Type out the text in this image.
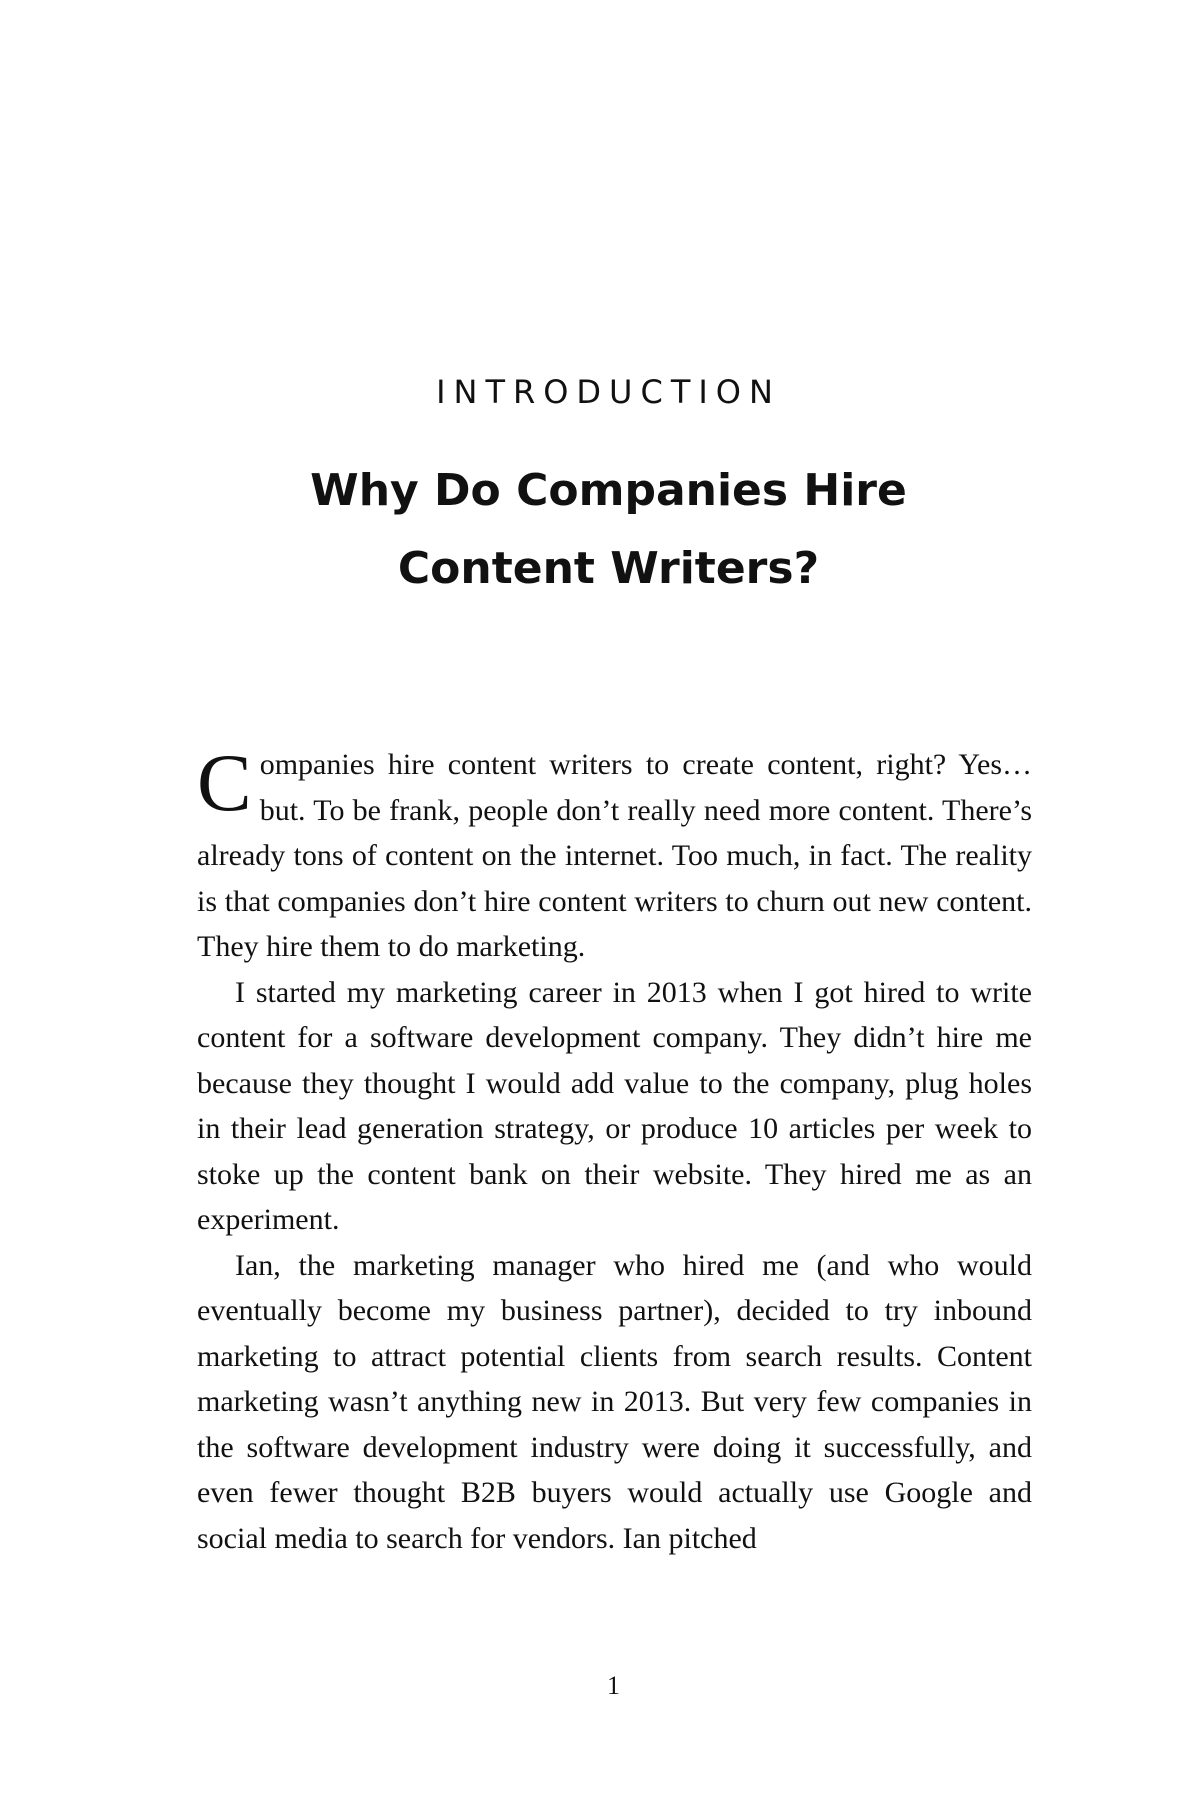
INTRODUCTION
Why Do Companies Hire
Content Writers?

Companies hire content writers to create content, right? Yes… but. To be frank, people don’t really need more content. There’s already tons of content on the internet. Too much, in fact. The reality is that companies don’t hire content writers to churn out new content. They hire them to do marketing.

I started my marketing career in 2013 when I got hired to write content for a software development company. They didn’t hire me because they thought I would add value to the company, plug holes in their lead generation strategy, or produce 10 articles per week to stoke up the content bank on their website. They hired me as an experiment.

Ian, the marketing manager who hired me (and who would eventually become my business partner), decided to try inbound marketing to attract potential clients from search results. Content marketing wasn’t anything new in 2013. But very few companies in the software development industry were doing it successfully, and even fewer thought B2B buyers would actually use Google and social media to search for vendors. Ian pitched

1
